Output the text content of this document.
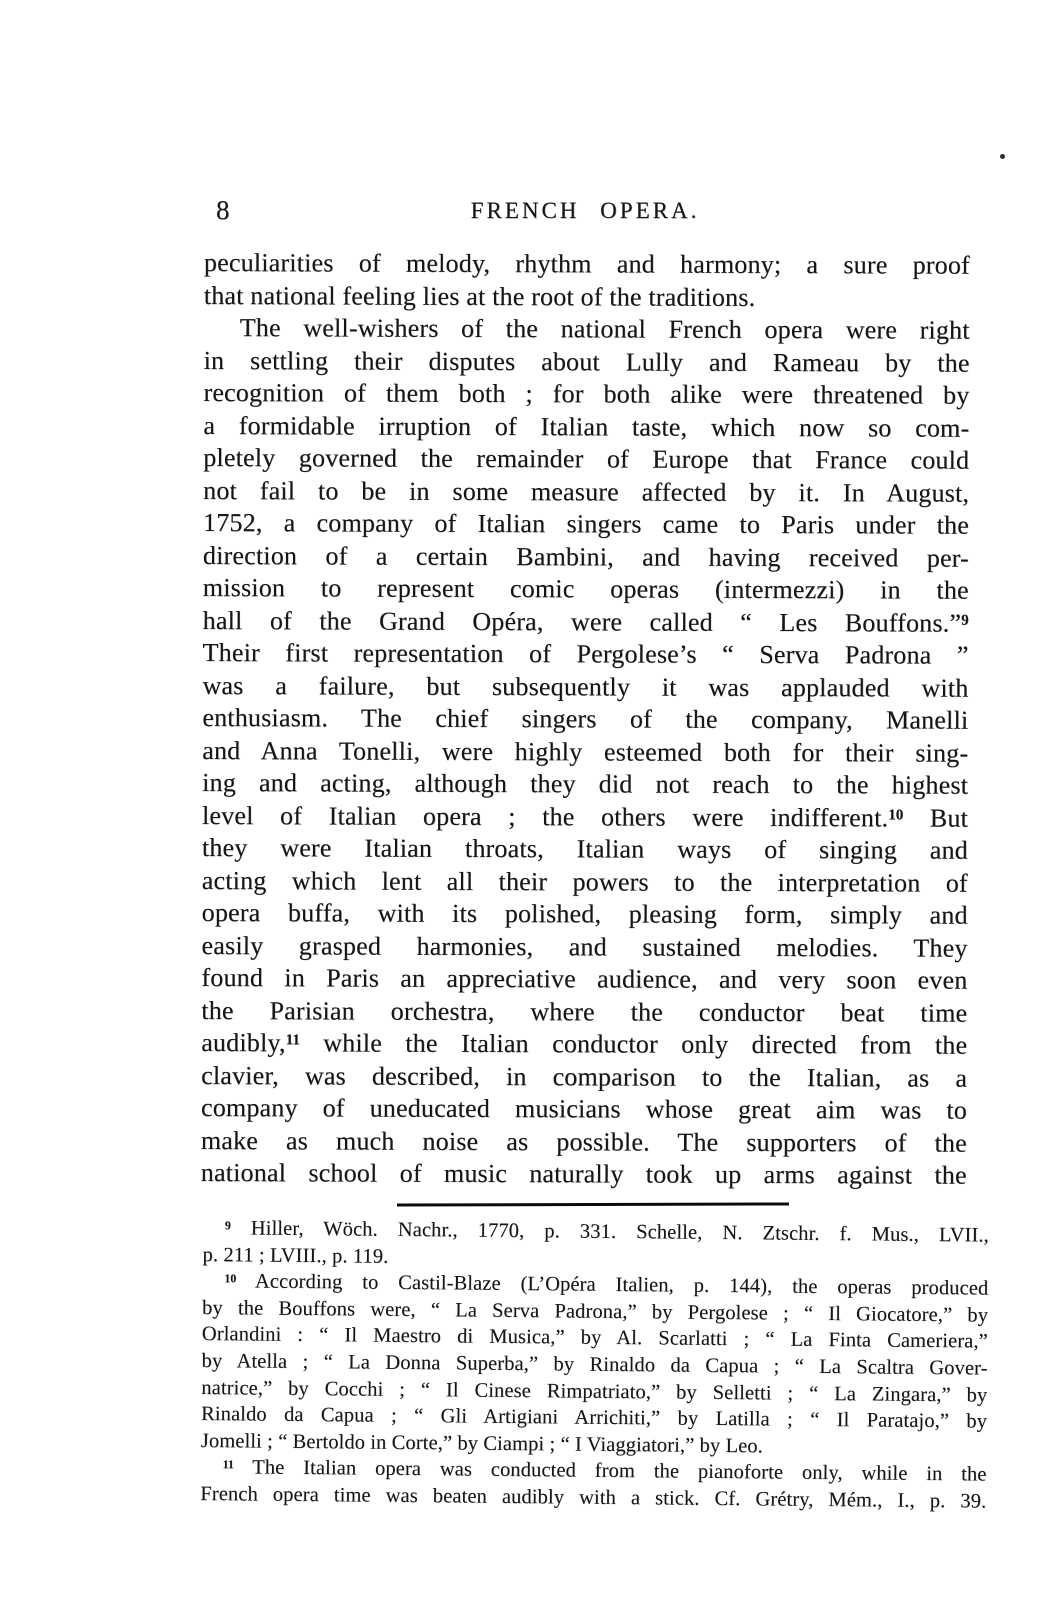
8	FRENCH OPERA.
peculiarities of melody, rhythm and harmony; a sure proof
that national feeling lies at the root of the traditions.
The well-wishers of the national French opera were right
in settling their disputes about Lully and Rameau by the
recognition of them both ; for both alike were threatened by
a formidable irruption of Italian taste, which now so com-
pletely governed the remainder of Europe that France could
not fail to be in some measure affected by it. In August,
1752, a company of Italian singers came to Paris under the
direction of a certain Bambini, and having received per-
mission to represent comic operas (intermezzi) in the
hall of the Grand Opéra, were called “ Les Bouffons.”$^9$
Their first representation of Pergolese’s “ Serva Padrona ”
was a failure, but subsequently it was applauded with
enthusiasm. The chief singers of the company, Manelli
and Anna Tonelli, were highly esteemed both for their sing-
ing and acting, although they did not reach to the highest
level of Italian opera ; the others were indifferent.$^{10}$ But
they were Italian throats, Italian ways of singing and
acting which lent all their powers to the interpretation of
opera buffa, with its polished, pleasing form, simply and
easily grasped harmonies, and sustained melodies. They
found in Paris an appreciative audience, and very soon even
the Parisian orchestra, where the conductor beat time
audibly,$^{11}$ while the Italian conductor only directed from the
clavier, was described, in comparison to the Italian, as a
company of uneducated musicians whose great aim was to
make as much noise as possible. The supporters of the
national school of music naturally took up arms against the
$^9$ Hiller, Wöch. Nachr., 1770, p. 331. Schelle, N. Ztschr. f. Mus., LVII.,
p. 211 ; LVIII., p. 119.
$^{10}$ According to Castil-Blaze (L’Opéra Italien, p. 144), the operas produced
by the Bouffons were, “ La Serva Padrona,” by Pergolese ; “ Il Giocatore,” by
Orlandini : “ Il Maestro di Musica,” by Al. Scarlatti ; “ La Finta Cameriera,”
by Atella ; “ La Donna Superba,” by Rinaldo da Capua ; “ La Scaltra Gover-
natrice,” by Cocchi ; “ Il Cinese Rimpatriato,” by Selletti ; “ La Zingara,” by
Rinaldo da Capua ; “ Gli Artigiani Arrichiti,” by Latilla ; “ Il Paratajo,” by
Jomelli ; “ Bertoldo in Corte,” by Ciampi ; “ I Viaggiatori,” by Leo.
$^{11}$ The Italian opera was conducted from the pianoforte only, while in the
French opera time was beaten audibly with a stick. Cf. Grétry, Mém., I., p. 39.
